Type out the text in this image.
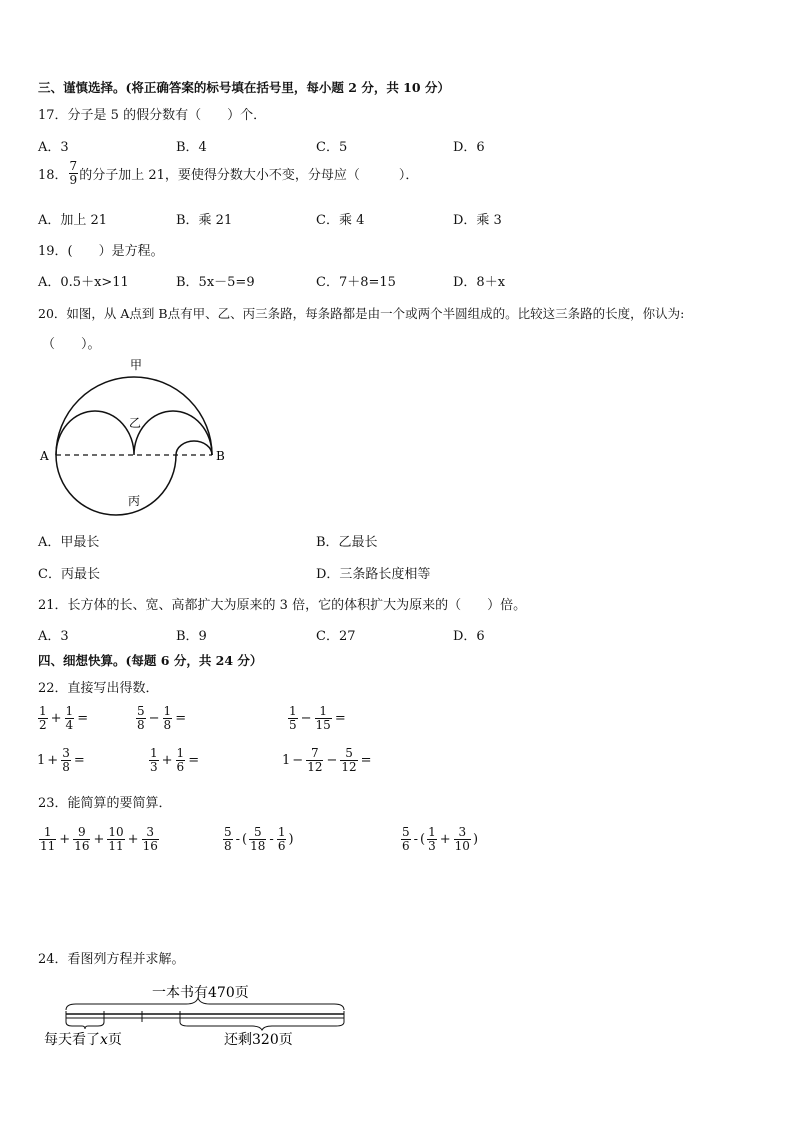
三、谨慎选择。(将正确答案的标号填在括号里，每小题 2 分，共 10 分）
17．分子是 5 的假分数有（　　）个．
A．3	B．4	C．5	D．6
18． $\frac{7}{9}$ 的分子加上 21，要使得分数大小不变，分母应（　　　）．
A．加上 21	B．乘 21	C．乘 4	D．乘 3
19．(　　）是方程。
A．0.5＋x>11	B．5x－5=9	C．7＋8=15	D．8＋x
20．如图，从 A点到 B点有甲、乙、丙三条路，每条路都是由一个或两个半圆组成的。比较这三条路的长度，你认为:
（　　）。
甲
乙
丙
A	B
A．甲最长	B．乙最长
C．丙最长	D．三条路长度相等
21．长方体的长、宽、高都扩大为原来的 3 倍，它的体积扩大为原来的（　　）倍。
A．3	B．9	C．27	D．6
四、细想快算。(每题 6 分，共 24 分）
22．直接写出得数．
$\frac{1}{2} + \frac{1}{4}$ =	$\frac{5}{8} - \frac{1}{8}$ =	$\frac{1}{5} - \frac{1}{15}$ =
$1 + \frac{3}{8}$ =	$\frac{1}{3} + \frac{1}{6}$ =	$1 - \frac{7}{12} - \frac{5}{12}$ =
23．能简算的要简算．
$\frac{1}{11} + \frac{9}{16} + \frac{10}{11} + \frac{3}{16}$	$\frac{5}{8}$ - ( $\frac{5}{18} - \frac{1}{6}$ )	$\frac{5}{6}$ - ( $\frac{1}{3} + \frac{3}{10}$ )
24．看图列方程并求解。
一本书有470页
每天看了x页	还剩320页
